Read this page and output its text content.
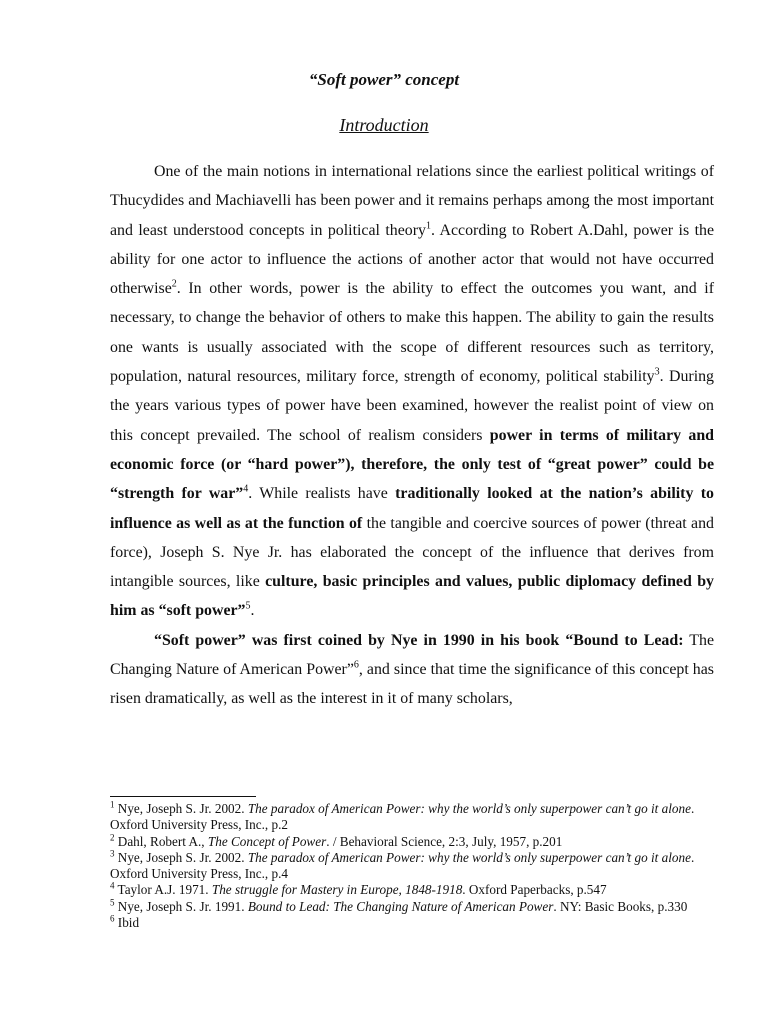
“Soft power” concept
Introduction

One of the main notions in international relations since the earliest political writings of Thucydides and Machiavelli has been power and it remains perhaps among the most important and least understood concepts in political theory$^1$. According to Robert A.Dahl, power is the ability for one actor to influence the actions of another actor that would not have occurred otherwise$^2$. In other words, power is the ability to effect the outcomes you want, and if necessary, to change the behavior of others to make this happen. The ability to gain the results one wants is usually associated with the scope of different resources such as territory, population, natural resources, military force, strength of economy, political stability$^3$. During the years various types of power have been examined, however the realist point of view on this concept prevailed. The school of realism considers power in terms of military and economic force (or “hard power”), therefore, the only test of “great power” could be “strength for war”$^4$. While realists have traditionally looked at the nation’s ability to influence as well as at the function of the tangible and coercive sources of power (threat and force), Joseph S. Nye Jr. has elaborated the concept of the influence that derives from intangible sources, like culture, basic principles and values, public diplomacy defined by him as “soft power”$^5$.

“Soft power” was first coined by Nye in 1990 in his book “Bound to Lead: The Changing Nature of American Power”$^6$, and since that time the significance of this concept has risen dramatically, as well as the interest in it of many scholars,

$^1$ Nye, Joseph S. Jr. 2002. The paradox of American Power: why the world’s only superpower can’t go it alone. Oxford University Press, Inc., p.2
$^2$ Dahl, Robert A., The Concept of Power. / Behavioral Science, 2:3, July, 1957, p.201
$^3$ Nye, Joseph S. Jr. 2002. The paradox of American Power: why the world’s only superpower can’t go it alone. Oxford University Press, Inc., p.4
$^4$ Taylor A.J. 1971. The struggle for Mastery in Europe, 1848-1918. Oxford Paperbacks, p.547
$^5$ Nye, Joseph S. Jr. 1991. Bound to Lead: The Changing Nature of American Power. NY: Basic Books, p.330
$^6$ Ibid
